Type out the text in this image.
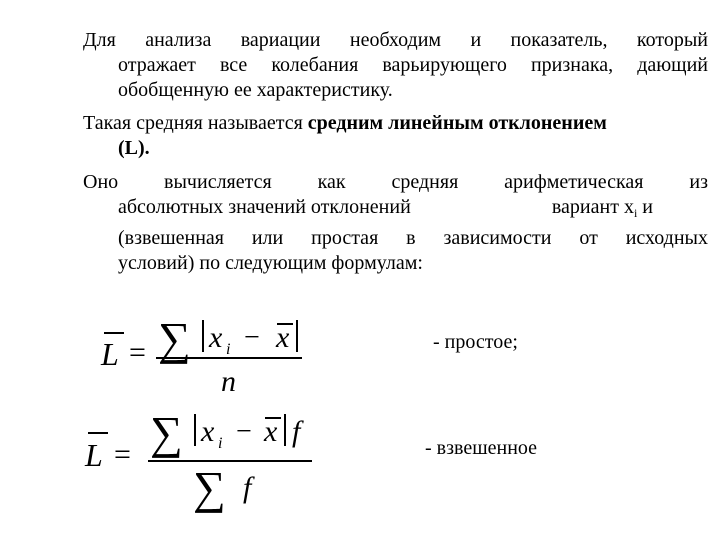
Для анализа вариации необходим и показатель, который
отражает все колебания варьирующего признака, дающий
обобщенную ее характеристику.
Такая средняя называется средним линейным отклонением
(L).
Оно вычисляется как средняя арифметическая из
абсолютных значений отклонений	вариант $x_i$ и
(взвешенная или простая в зависимости от исходных
условий) по следующим формулам:
L = ∑ x i − x
n
- простое;
L = ∑ x i − x f
∑ f
- взвешенное
